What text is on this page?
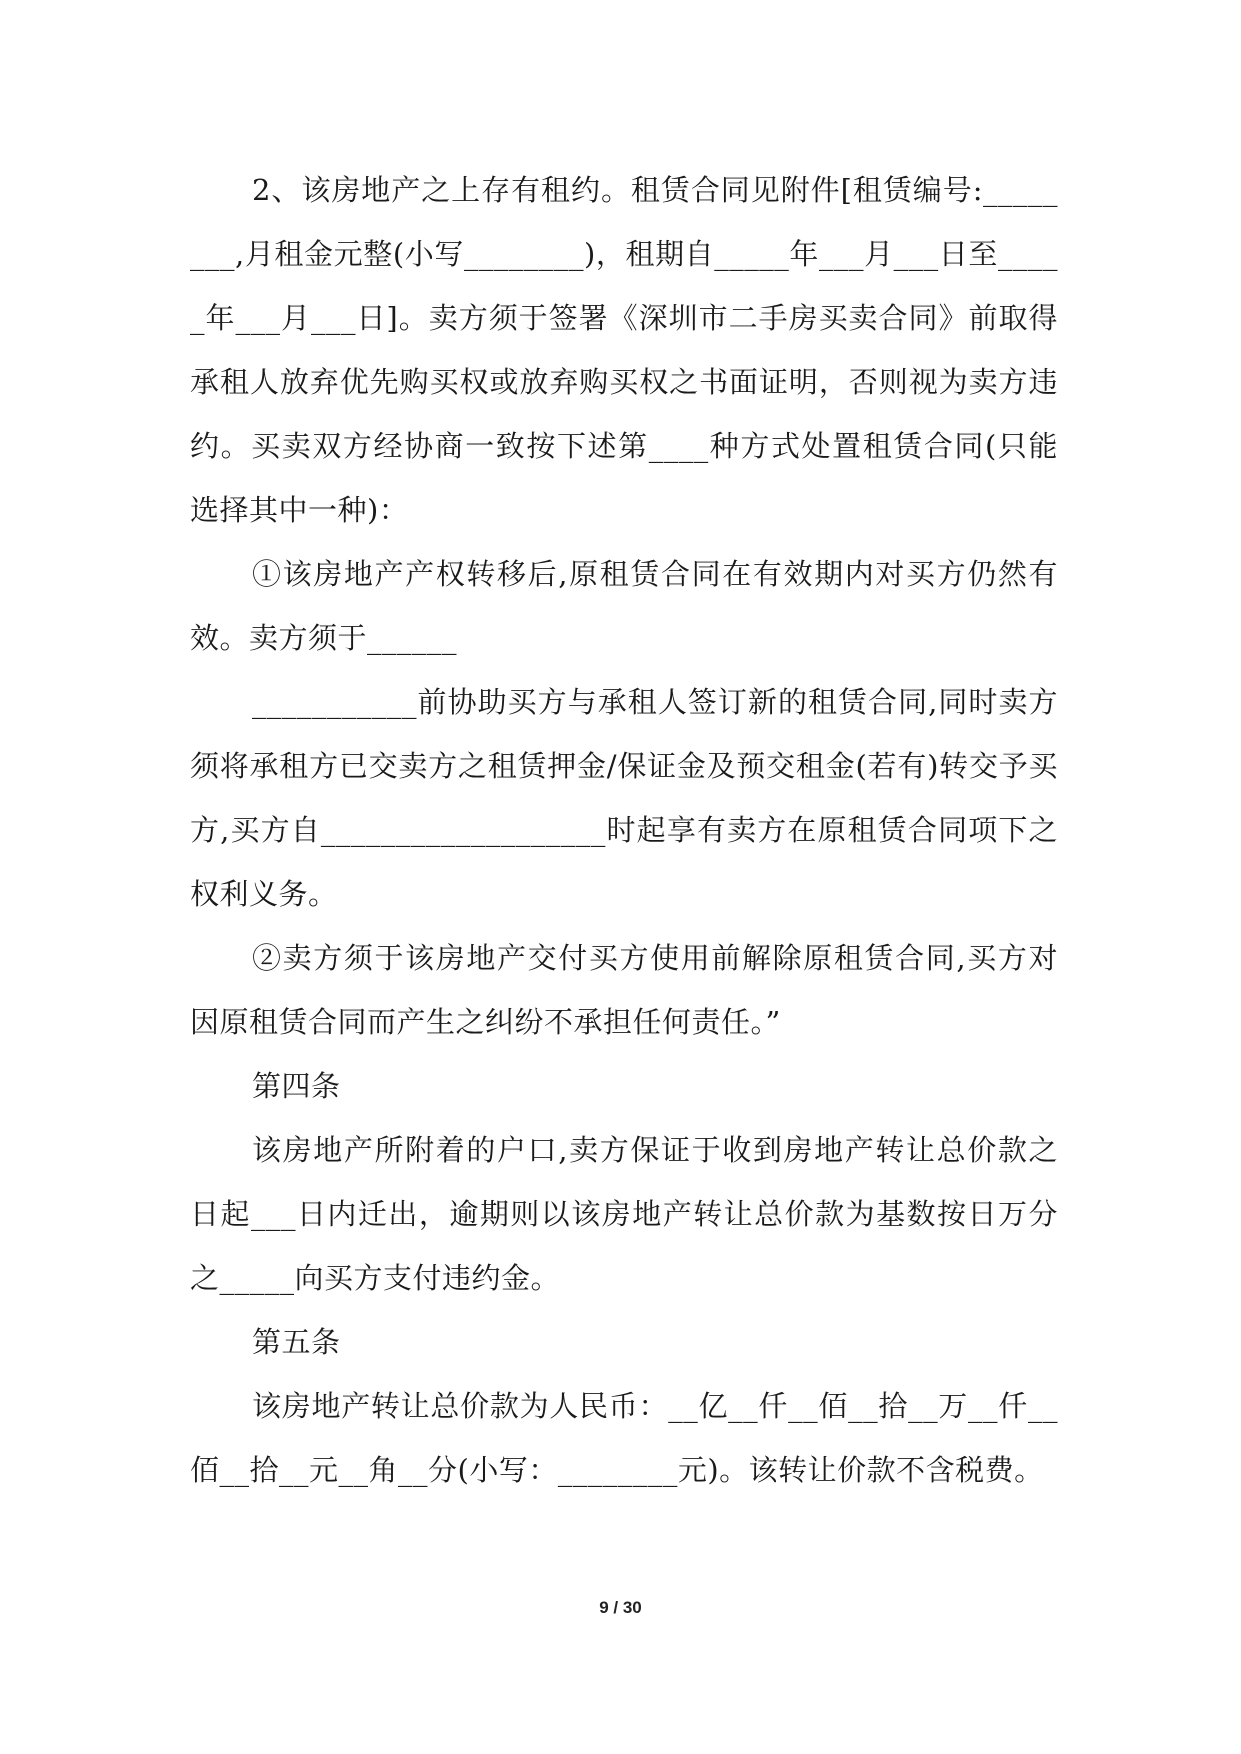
2、该房地产之上存有租约。租赁合同见附件[租赁编号:________,月租金元整(小写________)，租期自_____年___月___日至_____年___月___日]。卖方须于签署《深圳市二手房买卖合同》前取得承租人放弃优先购买权或放弃购买权之书面证明，否则视为卖方违约。买卖双方经协商一致按下述第____种方式处置租赁合同(只能选择其中一种)：

①该房地产产权转移后,原租赁合同在有效期内对买方仍然有效。卖方须于______

___________前协助买方与承租人签订新的租赁合同,同时卖方须将承租方已交卖方之租赁押金/保证金及预交租金(若有)转交予买方,买方自___________________时起享有卖方在原租赁合同项下之权利义务。

②卖方须于该房地产交付买方使用前解除原租赁合同,买方对因原租赁合同而产生之纠纷不承担任何责任。”

第四条

该房地产所附着的户口,卖方保证于收到房地产转让总价款之日起___日内迁出，逾期则以该房地产转让总价款为基数按日万分之_____向买方支付违约金。

第五条

该房地产转让总价款为人民币：__亿__仟__佰__拾__万__仟__佰__拾__元__角__分(小写：________元)。该转让价款不含税费。

9 / 30
